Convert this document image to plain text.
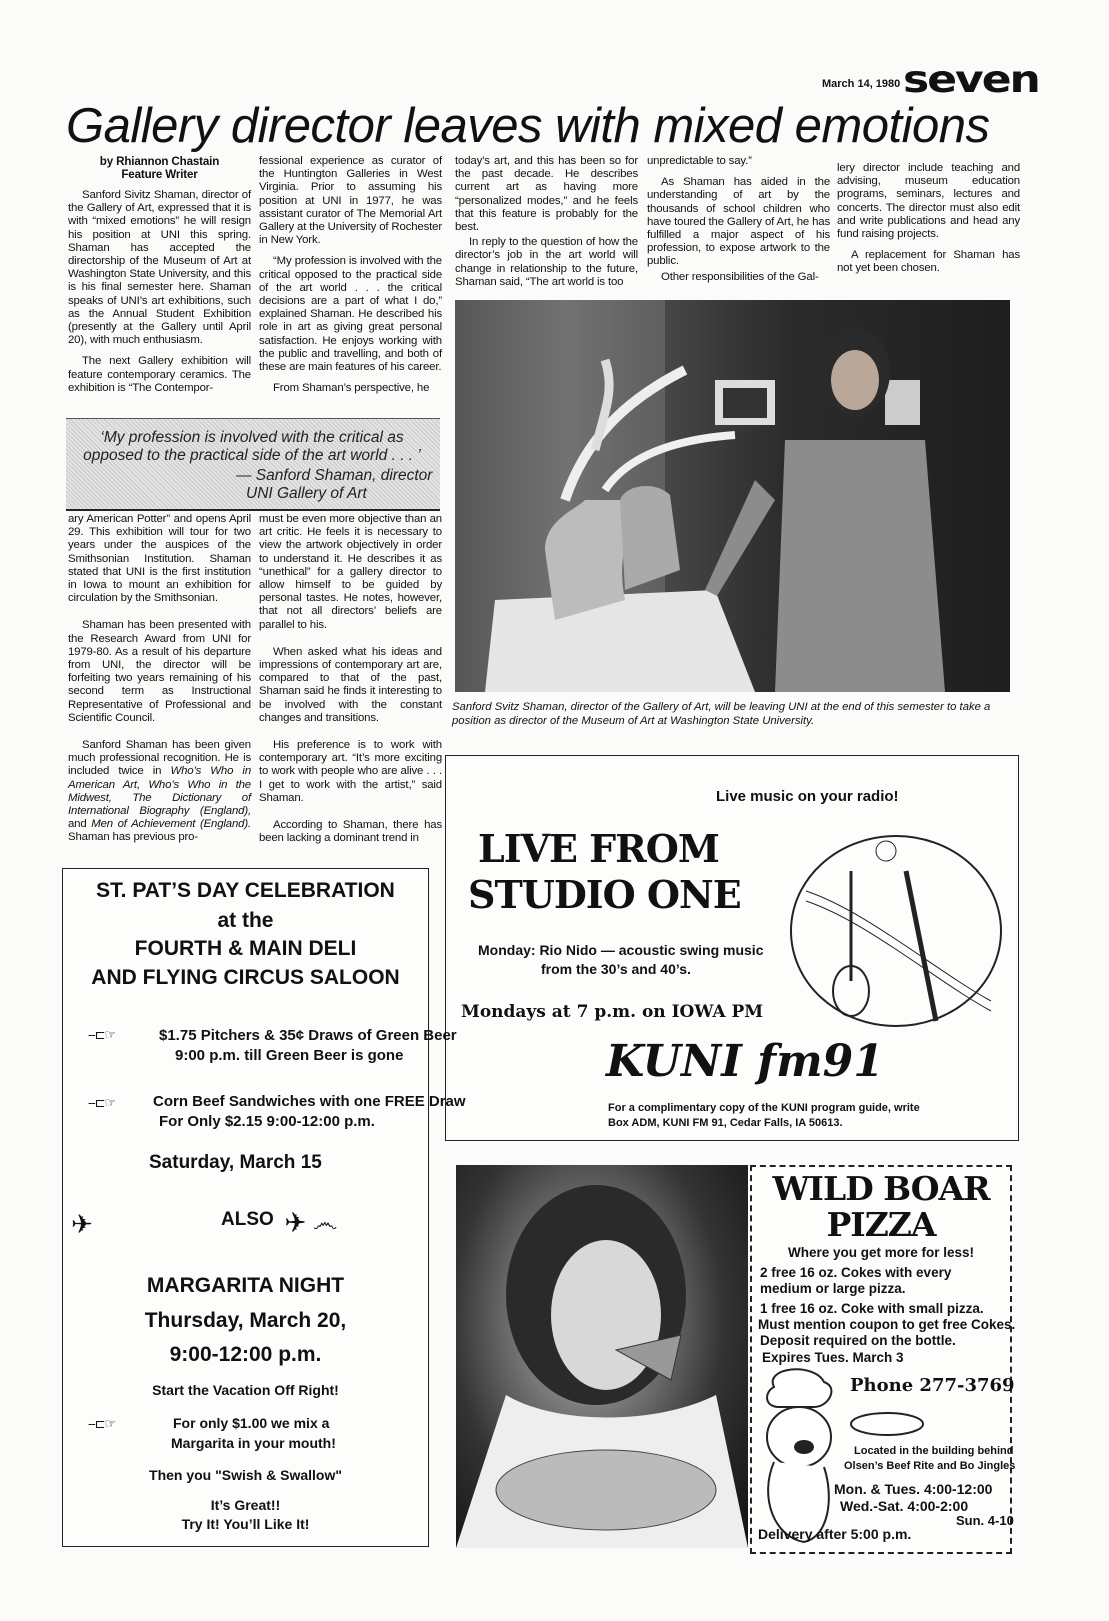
March 14, 1980 seven
Gallery director leaves with mixed emotions
by Rhiannon Chastain
Feature Writer

Sanford Sivitz Shaman, director of the Gallery of Art, expressed that it is with “mixed emotions” he will resign his position at UNI this spring. Shaman has accepted the directorship of the Museum of Art at Washington State University, and this is his final semester here. Shaman speaks of UNI’s art exhibitions, such as the Annual Student Exhibition (presently at the Gallery until April 20), with much enthusiasm.

The next Gallery exhibition will feature contemporary ceramics. The exhibition is “The Contempor-

fessional experience as curator of the Huntington Galleries in West Virginia. Prior to assuming his position at UNI in 1977, he was assistant curator of The Memorial Art Gallery at the University of Rochester in New York.

“My profession is involved with the critical opposed to the practical side of the art world . . . the critical decisions are a part of what I do,” explained Shaman. He described his role in art as giving great personal satisfaction. He enjoys working with the public and travelling, and both of these are main features of his career.

From Shaman’s perspective, he

today’s art, and this has been so for the past decade. He describes current art as having more “personalized modes,” and he feels that this feature is probably for the best.

In reply to the question of how the director’s job in the art world will change in relationship to the future, Shaman said, “The art world is too

unpredictable to say.”

As Shaman has aided in the understanding of art by the thousands of school children who have toured the Gallery of Art, he has fulfilled a major aspect of his profession, to expose artwork to the public.

Other responsibilities of the Gal-

lery director include teaching and advising, museum education programs, seminars, lectures and concerts. The director must also edit and write publications and head any fund raising projects.

A replacement for Shaman has not yet been chosen.

‘My profession is involved with the critical as opposed to the practical side of the art world . . . ’
— Sanford Shaman, director
UNI Gallery of Art

ary American Potter” and opens April 29. This exhibition will tour for two years under the auspices of the Smithsonian Institution. Shaman stated that UNI is the first institution in Iowa to mount an exhibition for circulation by the Smithsonian.

Shaman has been presented with the Research Award from UNI for 1979-80. As a result of his departure from UNI, the director will be forfeiting two years remaining of his second term as Instructional Representative of Professional and Scientific Council.

Sanford Shaman has been given much professional recognition. He is included twice in Who’s Who in American Art, Who’s Who in the Midwest, The Dictionary of International Biography (England), and Men of Achievement (England). Shaman has previous pro-

must be even more objective than an art critic. He feels it is necessary to view the artwork objectively in order to understand it. He describes it as “unethical” for a gallery director to allow himself to be guided by personal tastes. He notes, however, that not all directors’ beliefs are parallel to his.

When asked what his ideas and impressions of contemporary art are, compared to that of the past, Shaman said he finds it interesting to be involved with the constant changes and transitions.

His preference is to work with contemporary art. “It’s more exciting to work with people who are alive . . . I get to work with the artist,” said Shaman.

According to Shaman, there has been lacking a dominant trend in

Sanford Svitz Shaman, director of the Gallery of Art, will be leaving UNI at the end of this semester to take a position as director of the Museum of Art at Washington State University.
Live music on your radio!
LIVE FROM
STUDIO ONE
Monday: Rio Nido — acoustic swing music
from the 30’s and 40’s.
Mondays at 7 p.m. on IOWA PM
KUNI fm91
For a complimentary copy of the KUNI program guide, write
Box ADM, KUNI FM 91, Cedar Falls, IA 50613.
ST. PAT’S DAY CELEBRATION
at the
FOURTH & MAIN DELI
AND FLYING CIRCUS SALOON
--⊏☞	$1.75 Pitchers & 35¢ Draws of Green Beer
9:00 p.m. till Green Beer is gone
--⊏☞	Corn Beef Sandwiches with one FREE Draw
For Only $2.15 9:00-12:00 p.m.
Saturday, March 15
✈	ALSO ✈ ෴
MARGARITA NIGHT
Thursday, March 20,
9:00-12:00 p.m.
Start the Vacation Off Right!
--⊏☞	For only $1.00 we mix a
Margarita in your mouth!
Then you "Swish & Swallow"
It’s Great!!
Try It! You’ll Like It!
WILD BOAR
PIZZA
Where you get more for less!
2 free 16 oz. Cokes with every
medium or large pizza.
1 free 16 oz. Coke with small pizza.
Must mention coupon to get free Cokes.
Deposit required on the bottle.
Expires Tues. March 3
Phone 277-3769
Located in the building behind
Olsen’s Beef Rite and Bo Jingles
Mon. & Tues. 4:00-12:00
Wed.-Sat. 4:00-2:00
Sun. 4-10
Delivery after 5:00 p.m.
